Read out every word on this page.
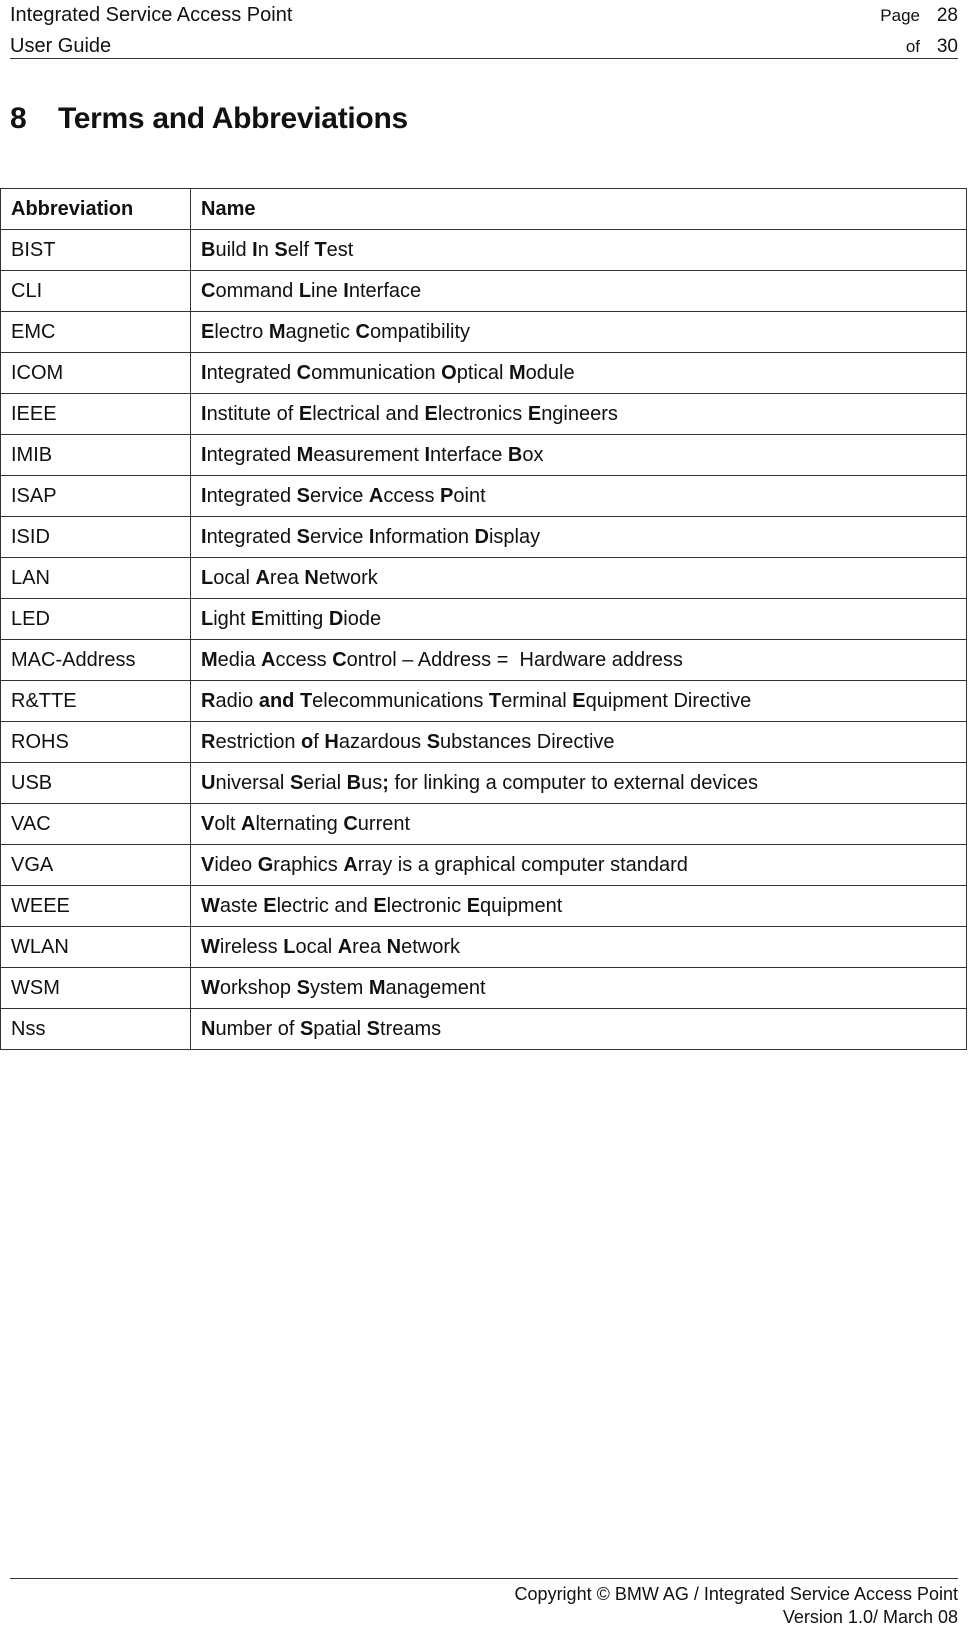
Integrated Service Access Point
User Guide
Page 28
of 30
8 Terms and Abbreviations
Abbreviation	Name
BIST	Build In Self Test
CLI	Command Line Interface
EMC	Electro Magnetic Compatibility
ICOM	Integrated Communication Optical Module
IEEE	Institute of Electrical and Electronics Engineers
IMIB	Integrated Measurement Interface Box
ISAP	Integrated Service Access Point
ISID	Integrated Service Information Display
LAN	Local Area Network
LED	Light Emitting Diode
MAC-Address	Media Access Control – Address =  Hardware address
R&TTE	Radio and Telecommunications Terminal Equipment Directive
ROHS	Restriction of Hazardous Substances Directive
USB	Universal Serial Bus; for linking a computer to external devices
VAC	Volt Alternating Current
VGA	Video Graphics Array is a graphical computer standard
WEEE	Waste Electric and Electronic Equipment
WLAN	Wireless Local Area Network
WSM	Workshop System Management
Nss	Number of Spatial Streams
Copyright © BMW AG / Integrated Service Access Point
Version 1.0/ March 08
